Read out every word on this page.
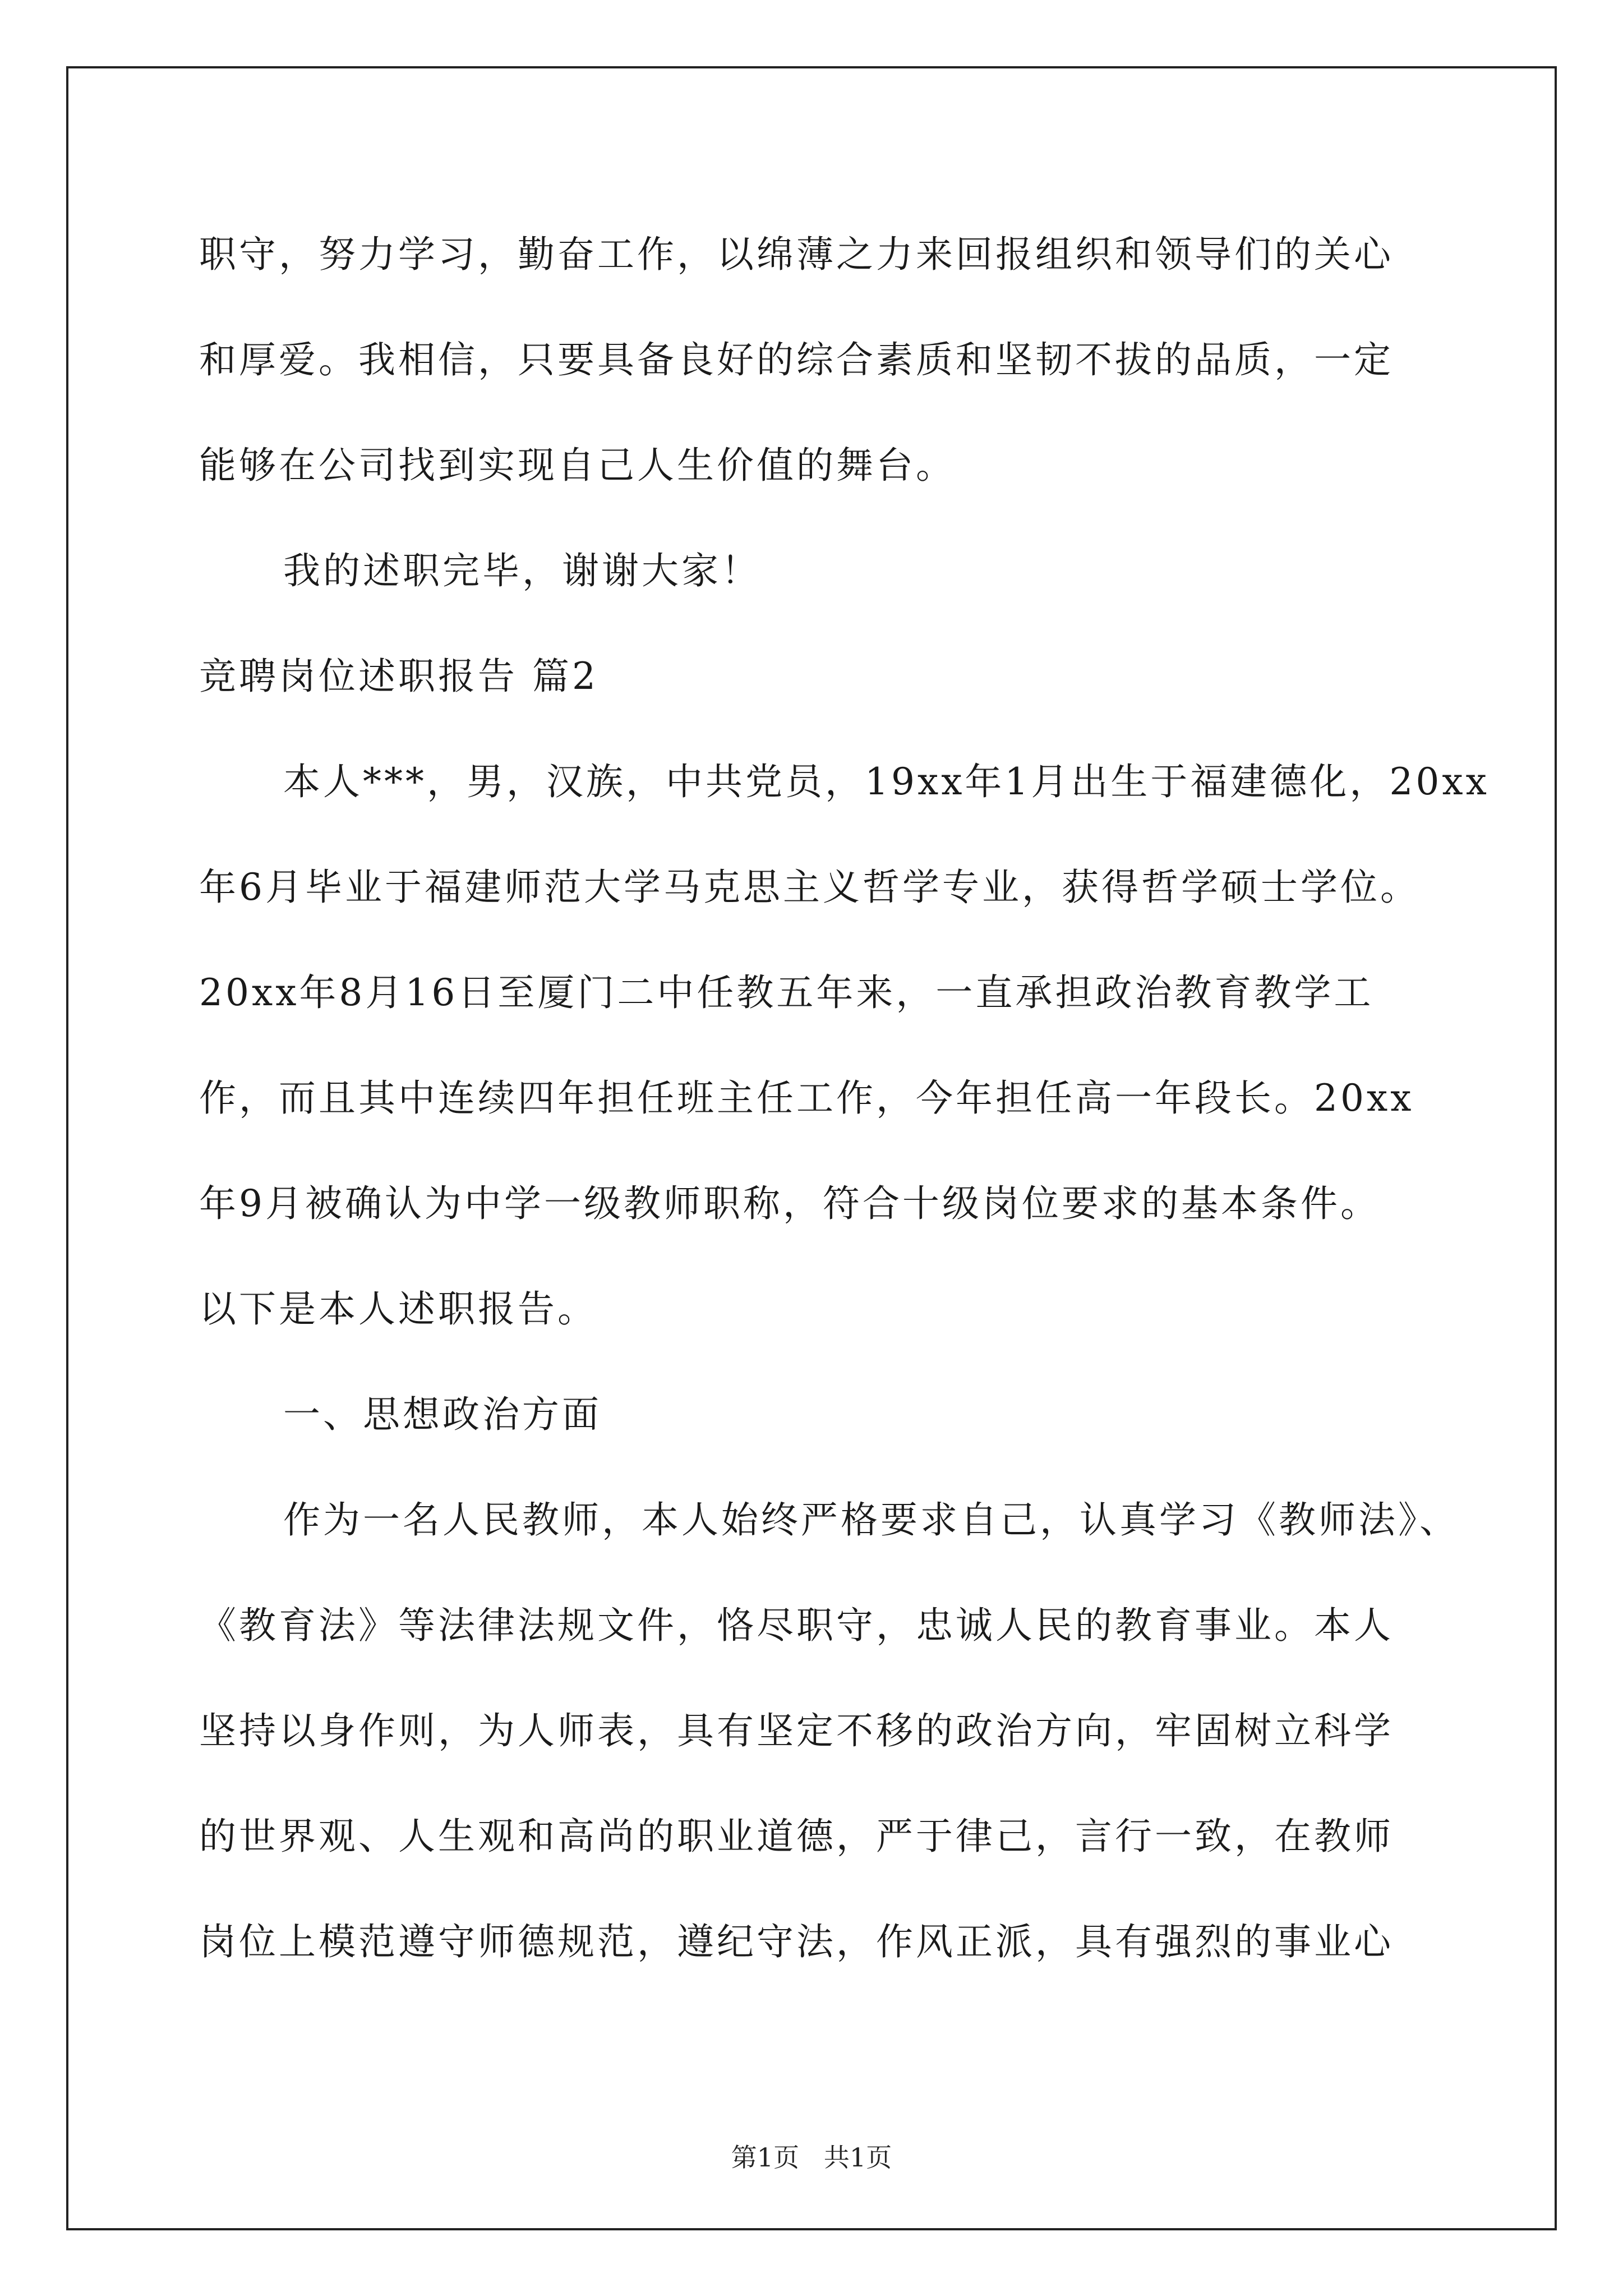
职守，努力学习，勤奋工作，以绵薄之力来回报组织和领导们的关心
和厚爱。我相信，只要具备良好的综合素质和坚韧不拔的品质，一定
能够在公司找到实现自己人生价值的舞台。
我的述职完毕，谢谢大家！
竞聘岗位述职报告 篇2
本人***，男，汉族，中共党员，19xx年1月出生于福建德化，20xx
年6月毕业于福建师范大学马克思主义哲学专业，获得哲学硕士学位。
20xx年8月16日至厦门二中任教五年来，一直承担政治教育教学工
作，而且其中连续四年担任班主任工作，今年担任高一年段长。20xx
年9月被确认为中学一级教师职称，符合十级岗位要求的基本条件。
以下是本人述职报告。
一、思想政治方面
作为一名人民教师，本人始终严格要求自己，认真学习《教师法》、
《教育法》等法律法规文件，恪尽职守，忠诚人民的教育事业。本人
坚持以身作则，为人师表，具有坚定不移的政治方向，牢固树立科学
的世界观、人生观和高尚的职业道德，严于律己，言行一致，在教师
岗位上模范遵守师德规范，遵纪守法，作风正派，具有强烈的事业心
第1页   共1页
